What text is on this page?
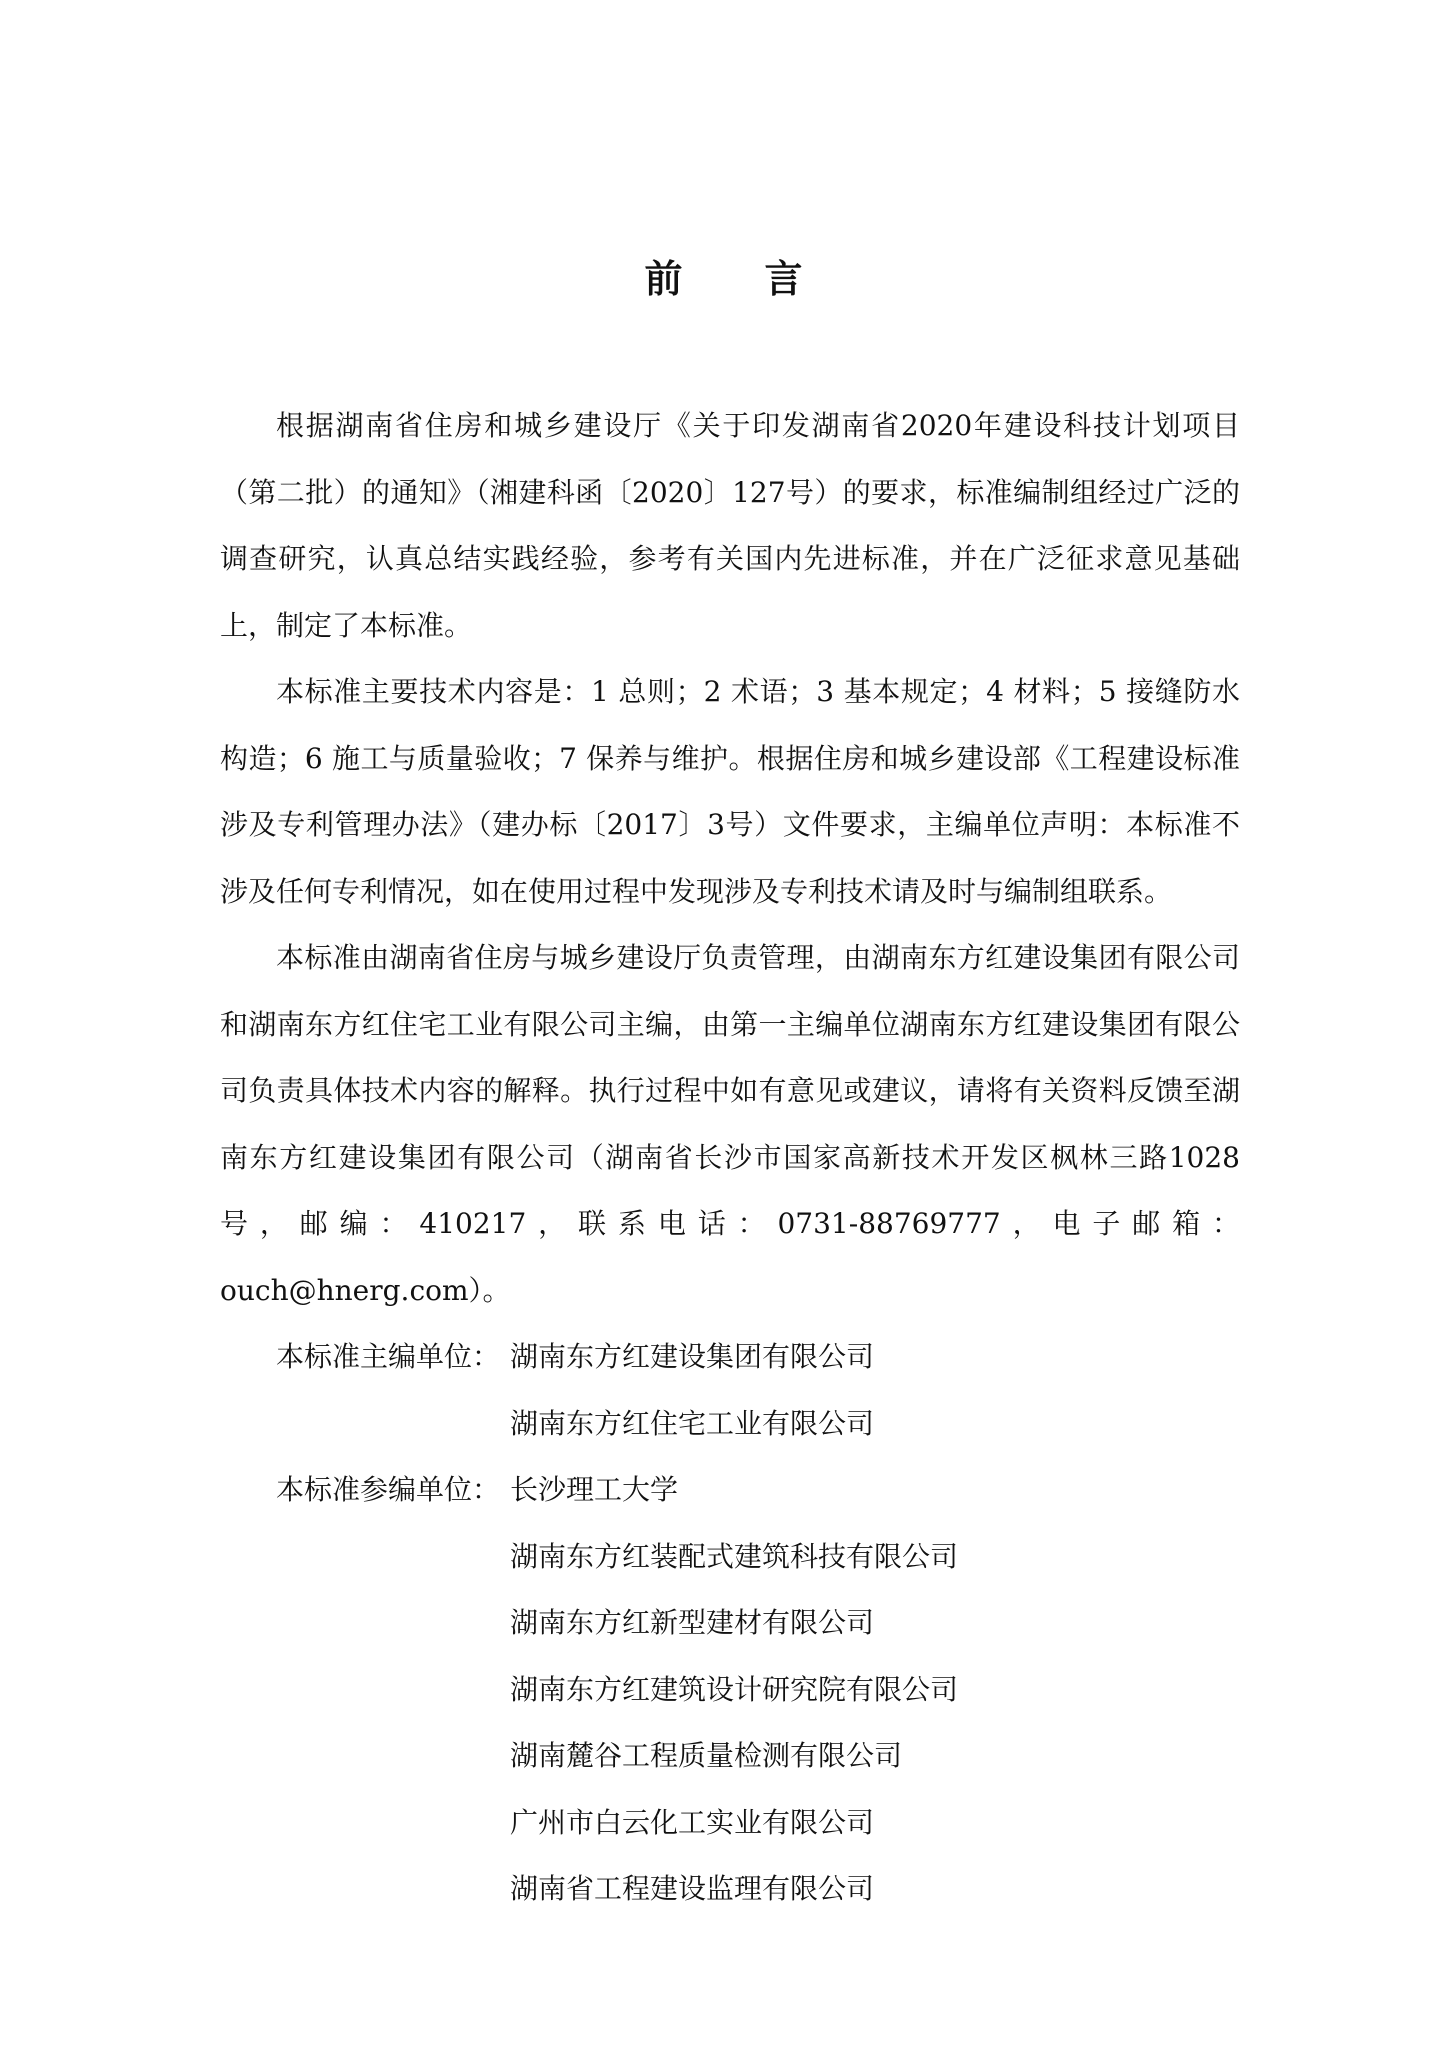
前 言

根据湖南省住房和城乡建设厅《关于印发湖南省2020年建设科技计划项目（第二批）的通知》（湘建科函〔2020〕127号）的要求，标准编制组经过广泛的调查研究，认真总结实践经验，参考有关国内先进标准，并在广泛征求意见基础上，制定了本标准。

本标准主要技术内容是：1 总则；2 术语；3 基本规定；4 材料；5 接缝防水构造；6 施工与质量验收；7 保养与维护。根据住房和城乡建设部《工程建设标准涉及专利管理办法》（建办标〔2017〕3号）文件要求，主编单位声明：本标准不涉及任何专利情况，如在使用过程中发现涉及专利技术请及时与编制组联系。

本标准由湖南省住房与城乡建设厅负责管理，由湖南东方红建设集团有限公司和湖南东方红住宅工业有限公司主编，由第一主编单位湖南东方红建设集团有限公司负责具体技术内容的解释。执行过程中如有意见或建议，请将有关资料反馈至湖南东方红建设集团有限公司（湖南省长沙市国家高新技术开发区枫林三路1028号，邮编：410217，联系电话：0731-88769777，电子邮箱：ouch@hnerg.com）。

本标准主编单位： 湖南东方红建设集团有限公司

湖南东方红住宅工业有限公司

本标准参编单位： 长沙理工大学

湖南东方红装配式建筑科技有限公司

湖南东方红新型建材有限公司

湖南东方红建筑设计研究院有限公司

湖南麓谷工程质量检测有限公司

广州市白云化工实业有限公司

湖南省工程建设监理有限公司
